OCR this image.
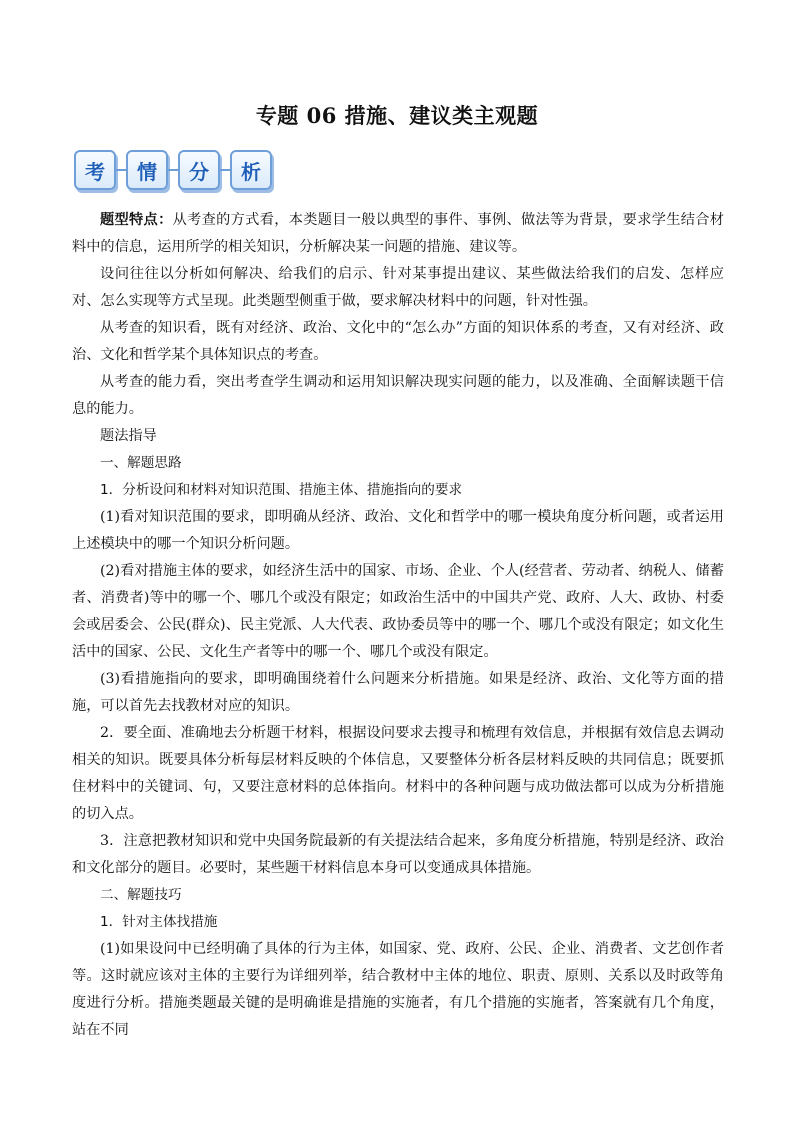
专题 06 措施、建议类主观题
考	情	分	析

题型特点：从考查的方式看，本类题目一般以典型的事件、事例、做法等为背景，要求学生结合材料中的信息，运用所学的相关知识，分析解决某一问题的措施、建议等。

设问往往以分析如何解决、给我们的启示、针对某事提出建议、某些做法给我们的启发、怎样应对、怎么实现等方式呈现。此类题型侧重于做，要求解决材料中的问题，针对性强。

从考查的知识看，既有对经济、政治、文化中的“怎么办”方面的知识体系的考查，又有对经济、政治、文化和哲学某个具体知识点的考查。

从考查的能力看，突出考查学生调动和运用知识解决现实问题的能力，以及准确、全面解读题干信息的能力。

题法指导

一、解题思路

1．分析设问和材料对知识范围、措施主体、措施指向的要求

(1)看对知识范围的要求，即明确从经济、政治、文化和哲学中的哪一模块角度分析问题，或者运用上述模块中的哪一个知识分析问题。

(2)看对措施主体的要求，如经济生活中的国家、市场、企业、个人(经营者、劳动者、纳税人、储蓄者、消费者)等中的哪一个、哪几个或没有限定；如政治生活中的中国共产党、政府、人大、政协、村委会或居委会、公民(群众)、民主党派、人大代表、政协委员等中的哪一个、哪几个或没有限定；如文化生活中的国家、公民、文化生产者等中的哪一个、哪几个或没有限定。

(3)看措施指向的要求，即明确围绕着什么问题来分析措施。如果是经济、政治、文化等方面的措施，可以首先去找教材对应的知识。

2．要全面、准确地去分析题干材料，根据设问要求去搜寻和梳理有效信息，并根据有效信息去调动相关的知识。既要具体分析每层材料反映的个体信息，又要整体分析各层材料反映的共同信息；既要抓住材料中的关键词、句，又要注意材料的总体指向。材料中的各种问题与成功做法都可以成为分析措施的切入点。

3．注意把教材知识和党中央国务院最新的有关提法结合起来，多角度分析措施，特别是经济、政治和文化部分的题目。必要时，某些题干材料信息本身可以变通成具体措施。

二、解题技巧

1．针对主体找措施

(1)如果设问中已经明确了具体的行为主体，如国家、党、政府、公民、企业、消费者、文艺创作者等。这时就应该对主体的主要行为详细列举，结合教材中主体的地位、职责、原则、关系以及时政等角度进行分析。措施类题最关键的是明确谁是措施的实施者，有几个措施的实施者，答案就有几个角度，站在不同
